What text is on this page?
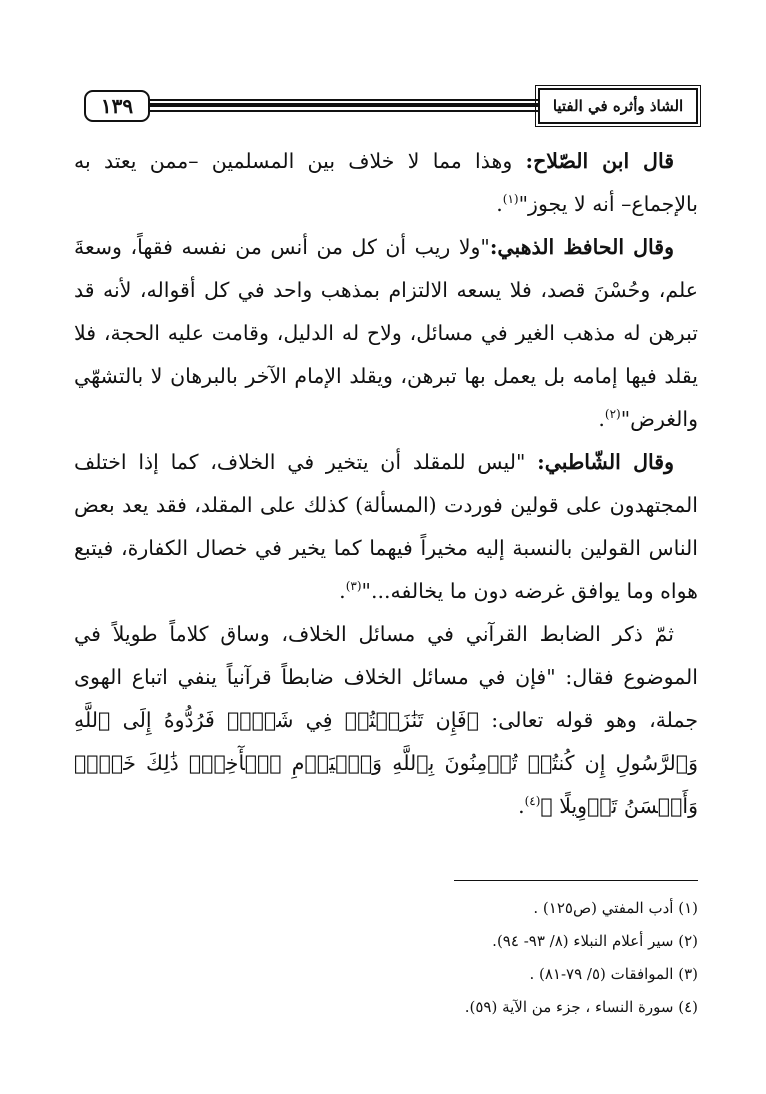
١٣٩	الشاذ وأثره في الفتيا

قال ابن الصّلاح: وهذا مما لا خلاف بين المسلمين –ممن يعتد به بالإجماع– أنه لا يجوز"$^{(١)}$.

وقال الحافظ الذهبي:"ولا ريب أن كل من أنس من نفسه فقهاً، وسعةَ علم، وحُسْنَ قصد، فلا يسعه الالتزام بمذهب واحد في كل أقواله، لأنه قد تبرهن له مذهب الغير في مسائل، ولاح له الدليل، وقامت عليه الحجة، فلا يقلد فيها إمامه بل يعمل بها تبرهن، ويقلد الإمام الآخر بالبرهان لا بالتشهّي والغرض"$^{(٢)}$.

وقال الشّاطبي: "ليس للمقلد أن يتخير في الخلاف، كما إذا اختلف المجتهدون على قولين فوردت (المسألة) كذلك على المقلد، فقد يعد بعض الناس القولين بالنسبة إليه مخيراً فيهما كما يخير في خصال الكفارة، فيتبع هواه وما يوافق غرضه دون ما يخالفه..."$^{(٣)}$.

ثمّ ذكر الضابط القرآني في مسائل الخلاف، وساق كلاماً طويلاً في الموضوع فقال: "فإن في مسائل الخلاف ضابطاً قرآنياً ينفي اتباع الهوى جملة، وهو قوله تعالى: ﴿فَإِن تَنَٰزَعۡتُمۡ فِي شَيۡءٖ فَرُدُّوهُ إِلَى ٱللَّهِ وَٱلرَّسُولِ إِن كُنتُمۡ تُؤۡمِنُونَ بِٱللَّهِ وَٱلۡيَوۡمِ ٱلۡأٓخِرِۚ ذَٰلِكَ خَيۡرٞ وَأَحۡسَنُ تَأۡوِيلًا ﴾$^{(٤)}$.

(١) أدب المفتي (ص١٢٥) .
(٢) سير أعلام النبلاء (٨/ ٩٣- ٩٤).
(٣) الموافقات (٥/ ٧٩-٨١) .
(٤) سورة النساء ، جزء من الآية (٥٩).
